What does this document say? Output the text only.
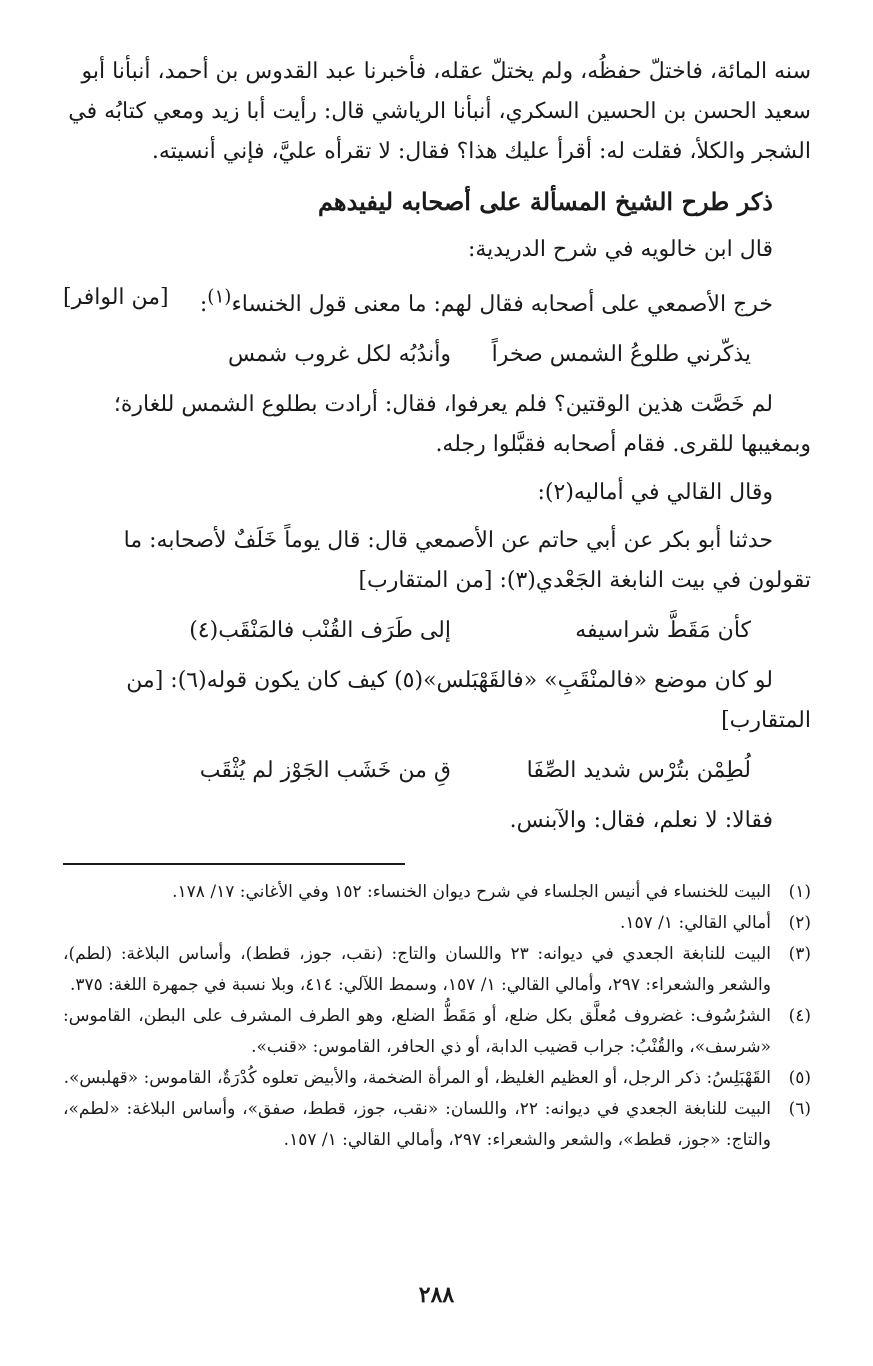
سنه المائة، فاختلّ حفظُه، ولم يختلّ عقله، فأخبرنا عبد القدوس بن أحمد، أنبأنا أبو
سعيد الحسن بن الحسين السكري، أنبأنا الرياشي قال: رأيت أبا زيد ومعي كتابُه في
الشجر والكلأ، فقلت له: أقرأ عليك هذا؟ فقال: لا تقرأه عليَّ، فإني أنسيته.
ذكر طرح الشيخ المسألة على أصحابه ليفيدهم
قال ابن خالويه في شرح الدريدية:
خرج الأصمعي على أصحابه فقال لهم: ما معنى قول الخنساء$^{(١)}$:
[من الوافر]
يذكّرني طلوعُ الشمس صخراً
وأندُبُه لكل غروب شمس
لم خَصَّت هذين الوقتين؟ فلم يعرفوا، فقال: أرادت بطلوع الشمس للغارة؛
وبمغيبها للقرى. فقام أصحابه فقبَّلوا رجله.
وقال القالي في أماليه(٢):
حدثنا أبو بكر عن أبي حاتم عن الأصمعي قال: قال يوماً خَلَفٌ لأصحابه: ما
تقولون في بيت النابغة الجَعْدي(٣): [من المتقارب]
كأن مَقَطَّ شراسيفه
إلى طَرَف القُنْب فالمَنْقَب(٤)
لو كان موضع «فالمنْقَبِ» «فالقَهْبَلس»(٥) كيف كان يكون قوله(٦): [من
المتقارب]
لُطِمْن بتُرْس شديد الصِّفَا
قِ من خَشَب الجَوْز لم يُثْقَب
فقالا: لا نعلم، فقال: والآبنس.
(١)
البيت للخنساء في أنيس الجلساء في شرح ديوان الخنساء: ١٥٢ وفي الأغاني: ١٧/ ١٧٨.
(٢)
أمالي القالي: ١/ ١٥٧.
(٣)
البيت للنابغة الجعدي في ديوانه: ٢٣ واللسان والتاج: (نقب، جوز، قطط)، وأساس البلاغة: (لطم)، والشعر والشعراء: ٢٩٧، وأمالي القالي: ١/ ١٥٧، وسمط اللآلي: ٤١٤، وبلا نسبة في جمهرة اللغة: ٣٧٥.
(٤)
الشرُسُوف: غضروف مُعلَّق بكل ضلع، أو مَقَطُّ الضلع، وهو الطرف المشرف على البطن، القاموس: «شرسف»، والقُنْبُ: جراب قضيب الدابة، أو ذي الحافر، القاموس: «قنب».
(٥)
القَهْبَلِسُ: ذكر الرجل، أو العظيم الغليظ، أو المرأة الضخمة، والأبيض تعلوه كُدْرَةٌ، القاموس: «قهلبس».
(٦)
البيت للنابغة الجعدي في ديوانه: ٢٢، واللسان: «نقب، جوز، قطط، صفق»، وأساس البلاغة: «لطم»، والتاج: «جوز، قطط»، والشعر والشعراء: ٢٩٧، وأمالي القالي: ١/ ١٥٧.
٢٨٨
